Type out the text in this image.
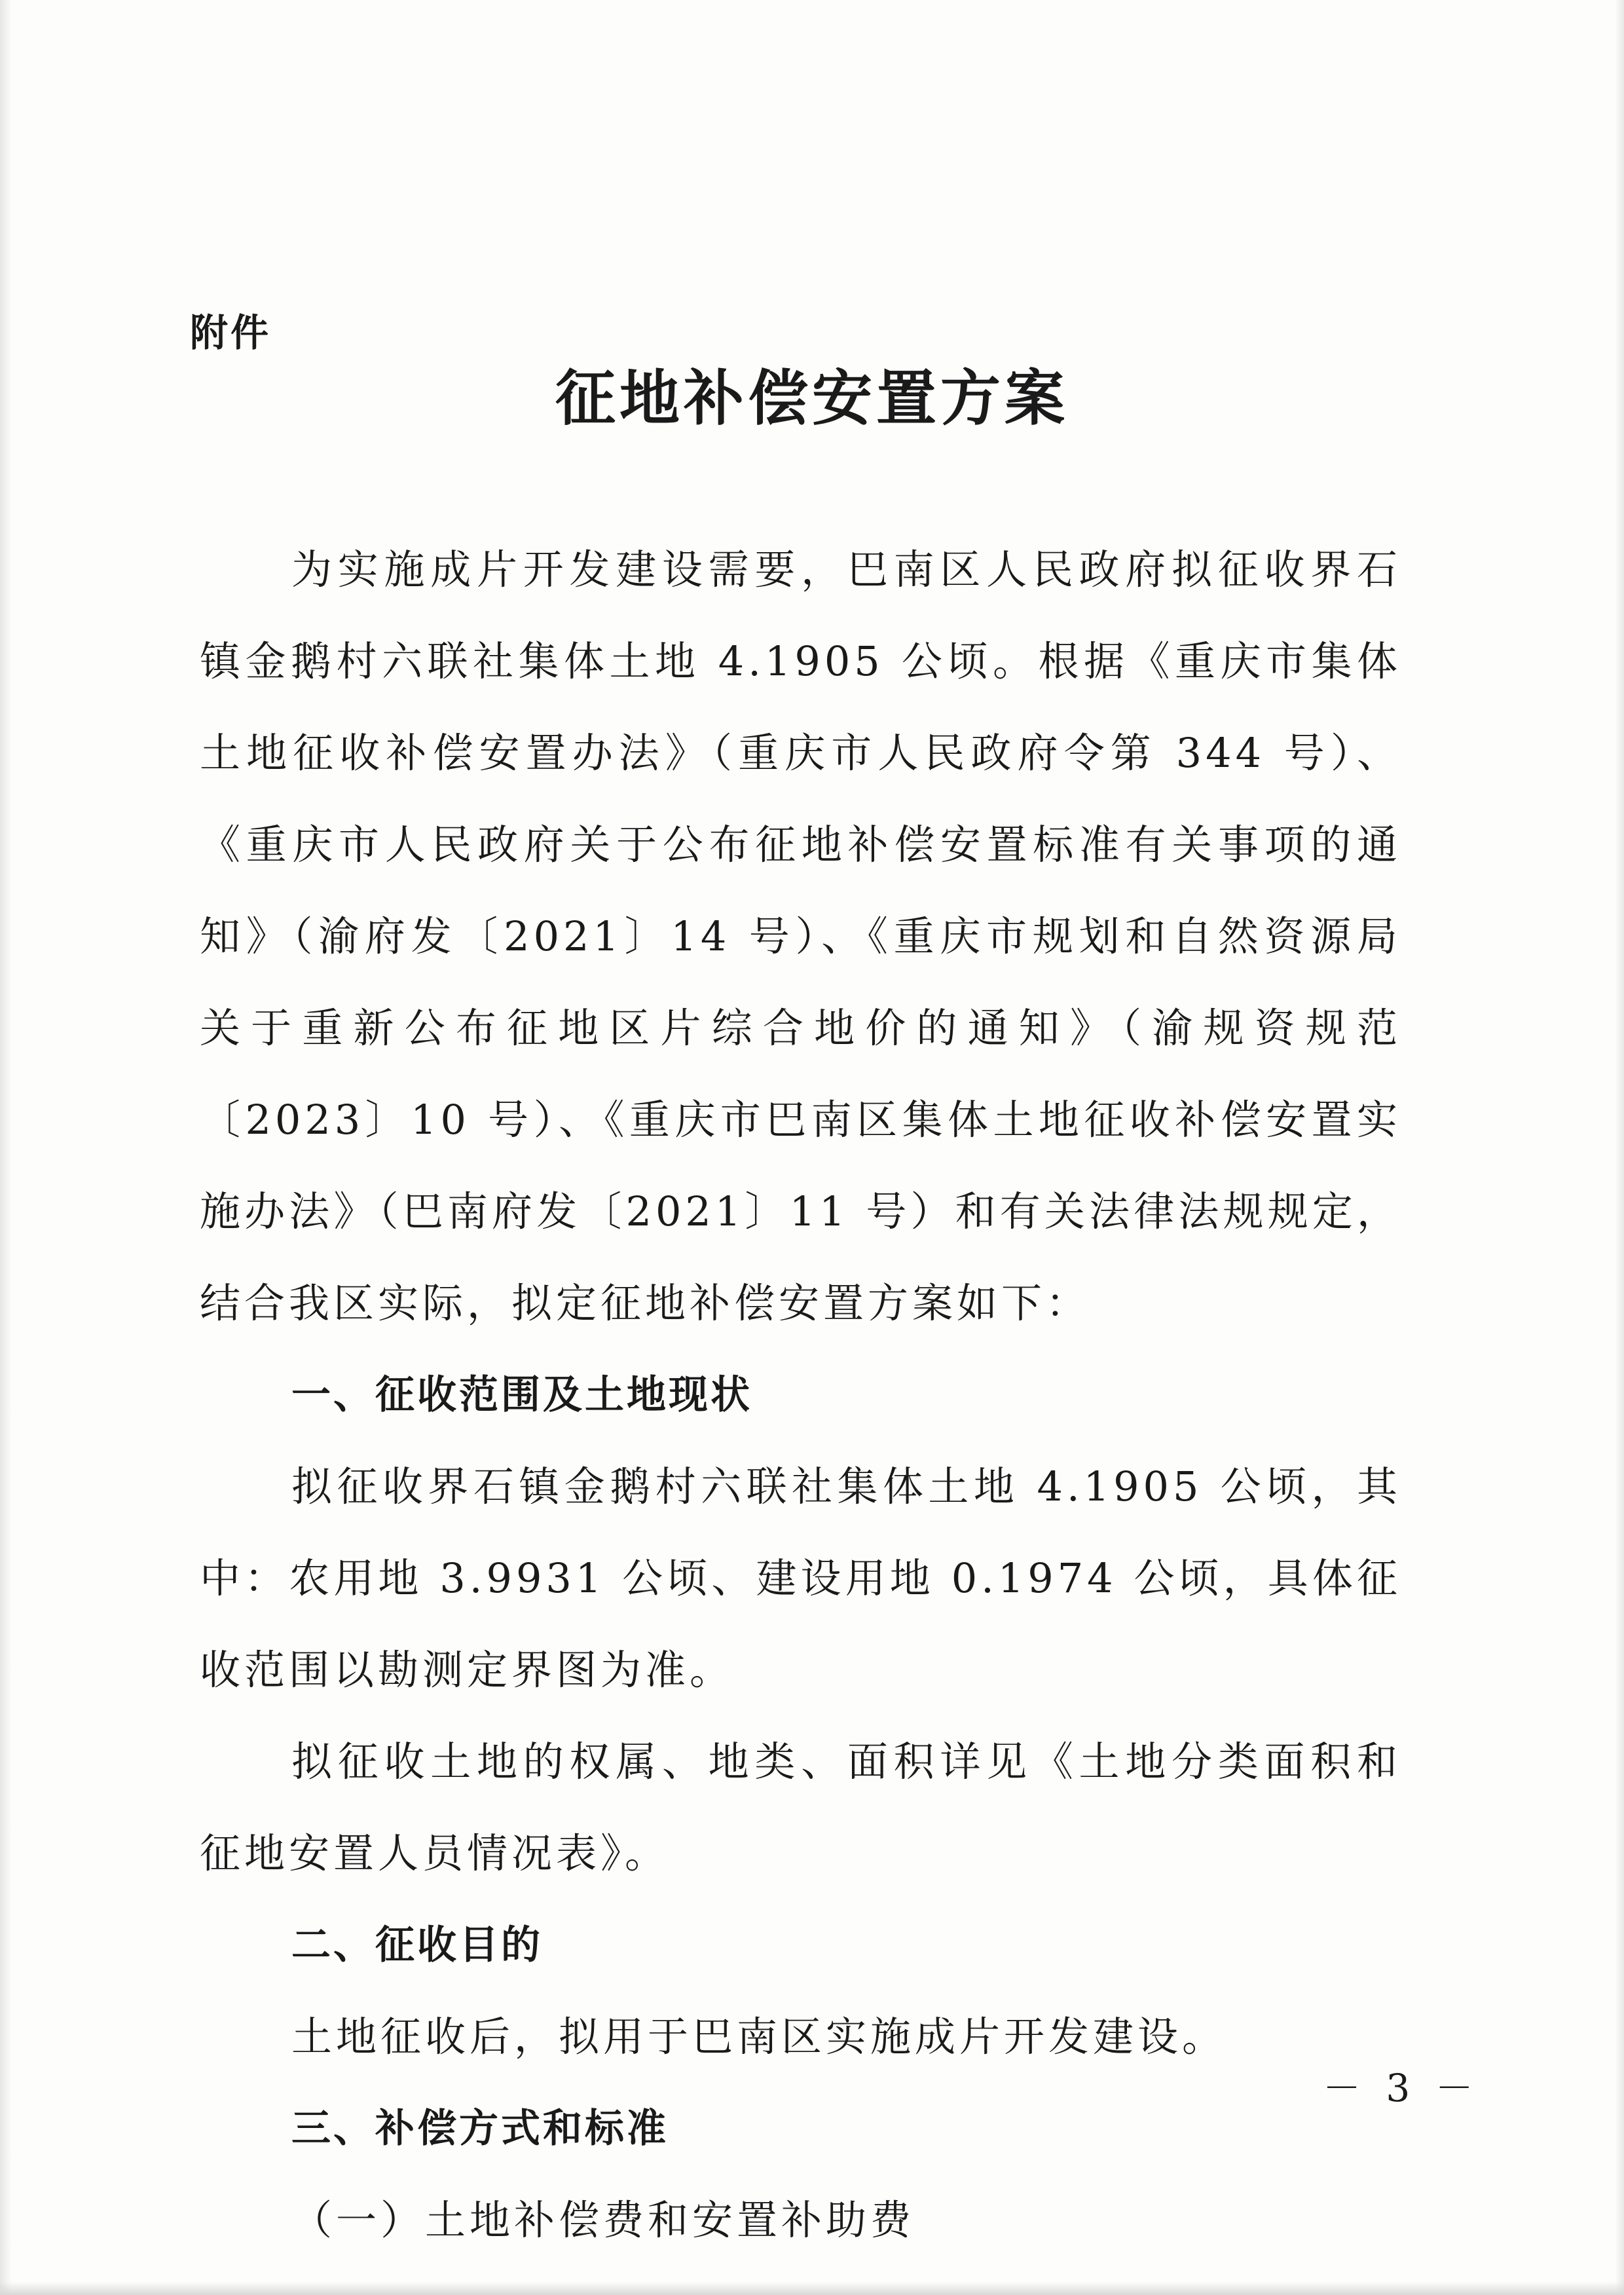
附件
征地补偿安置方案

为实施成片开发建设需要，巴南区人民政府拟征收界石镇金鹅村六联社集体土地 4.1905 公顷。根据《重庆市集体土地征收补偿安置办法》（重庆市人民政府令第 344 号）、《重庆市人民政府关于公布征地补偿安置标准有关事项的通知》（渝府发〔2021〕14 号）、《重庆市规划和自然资源局关于重新公布征地区片综合地价的通知》（渝规资规范〔2023〕10 号）、《重庆市巴南区集体土地征收补偿安置实施办法》（巴南府发〔2021〕11 号）和有关法律法规规定，结合我区实际，拟定征地补偿安置方案如下：

一、征收范围及土地现状

拟征收界石镇金鹅村六联社集体土地 4.1905 公顷，其中：农用地 3.9931 公顷、建设用地 0.1974 公顷，具体征收范围以勘测定界图为准。

拟征收土地的权属、地类、面积详见《土地分类面积和征地安置人员情况表》。

二、征收目的

土地征收后，拟用于巴南区实施成片开发建设。

三、补偿方式和标准

（一）土地补偿费和安置补助费

－ 3 －
